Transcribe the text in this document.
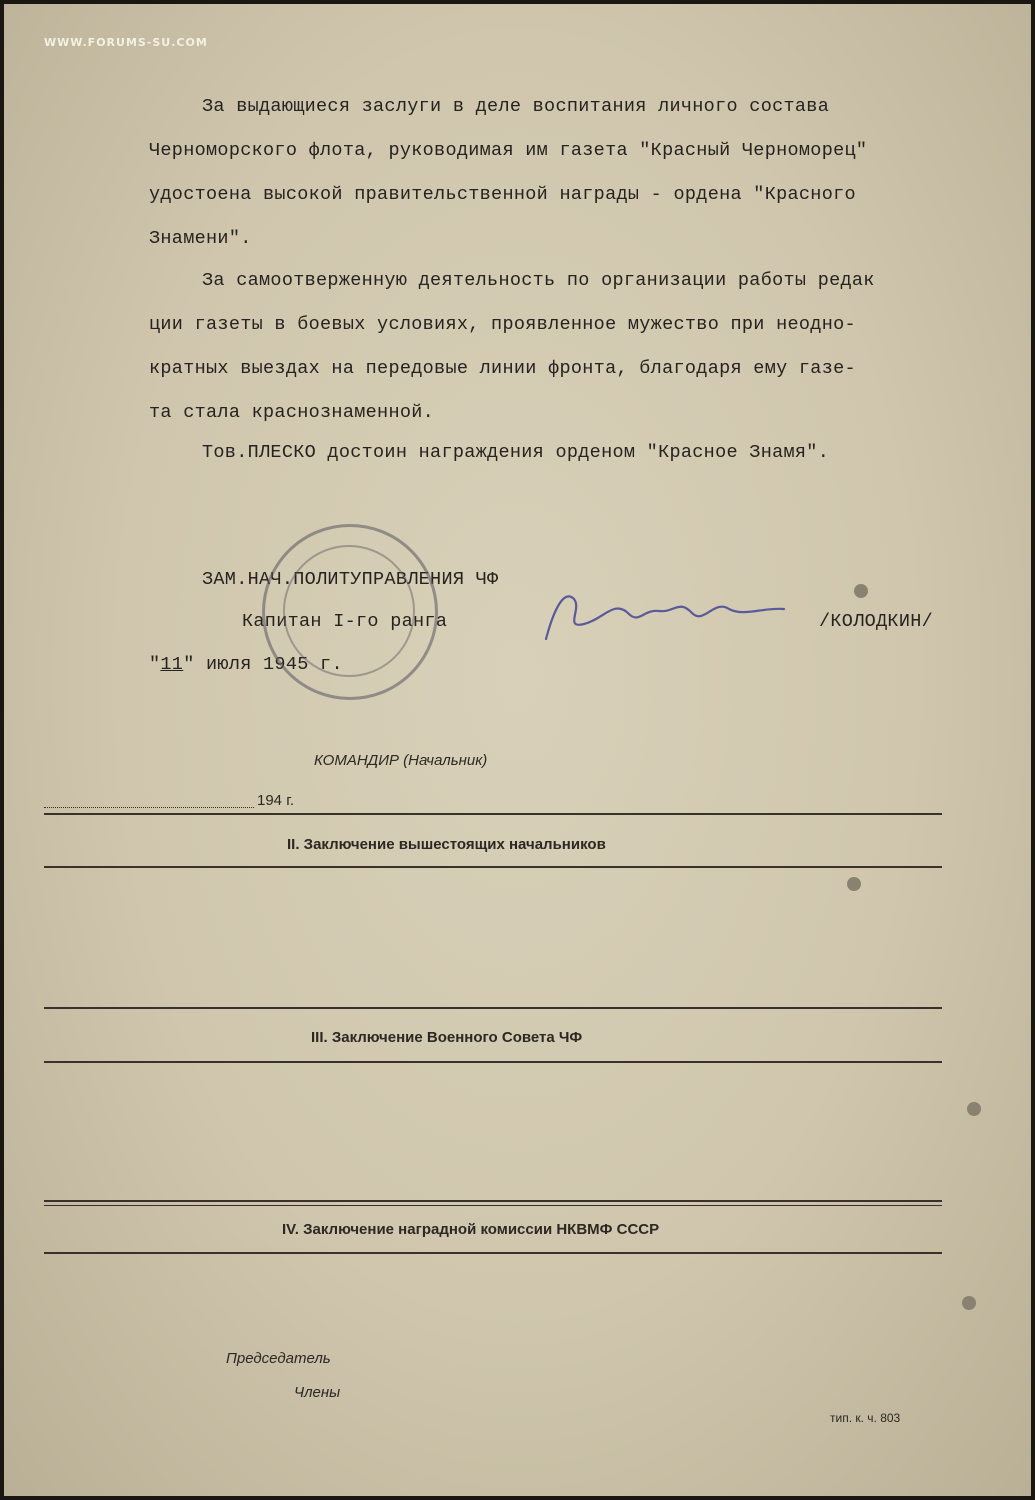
WWW.FORUMS-SU.COM
За выдающиеся заслуги в деле воспитания личного состава
Черноморского флота, руководимая им газета "Красный Черноморец"
удостоена высокой правительственной награды - ордена "Красного
Знамени".
За самоотверженную деятельность по организации работы редак
ции газеты в боевых условиях, проявленное мужество при неодно-
кратных выездах на передовые линии фронта, благодаря ему газе-
та стала краснознаменной.
Тов.ПЛЕСКО достоин награждения орденом "Красное Знамя".
ЗАМ.НАЧ.ПОЛИТУПРАВЛЕНИЯ ЧФ
Капитан I-го ранга	/КОЛОДКИН/
"11" июля 1945 г.
КОМАНДИР (Начальник)
194 г.
II. Заключение вышестоящих начальников
III. Заключение Военного Совета ЧФ
IV. Заключение наградной комиссии НКВМФ СССР
Председатель
Члены
тип. к. ч. 803
